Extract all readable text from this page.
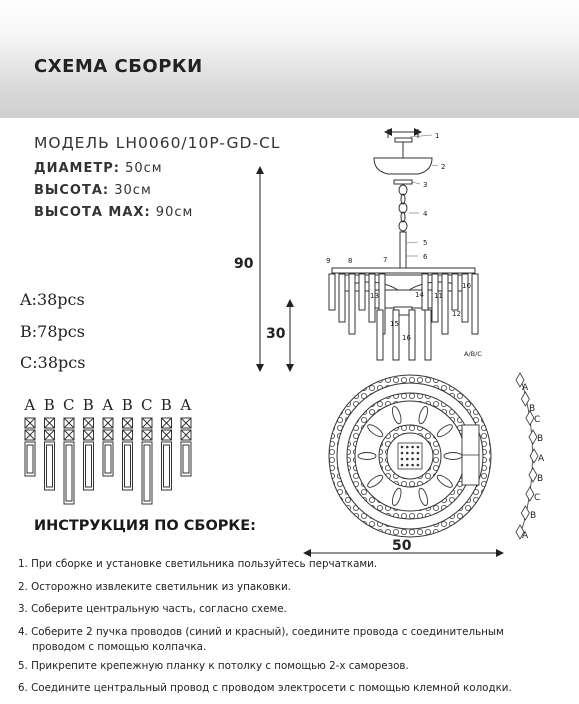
СХЕМА СБОРКИ

МОДЕЛЬ LH0060/10P-GD-CL

ДИАМЕТР: 50см

ВЫСОТА: 30см

ВЫСОТА MAX: 90см

A:38pcs
B:78pcs
C:38pcs
A B C B A B C B A
90
30
1
2
3
4
5
6
7
8
9
10
11
12
13	14
15
16
A/B/C
50
A
B
C
B
A
B
C
B
A
ИНСТРУКЦИЯ ПО СБОРКЕ:
1. При сборке и установке светильника пользуйтесь перчатками.
2. Осторожно извлеките светильник из упаковки.
3. Соберите центральную часть, согласно схеме.
4. Соберите 2 пучка проводов (синий и красный), соедините провода с соединительным
проводом с помощью колпачка.
5. Прикрепите крепежную планку к потолку с помощью 2-х саморезов.
6. Соедините центральный провод с проводом электросети с помощью клемной колодки.
